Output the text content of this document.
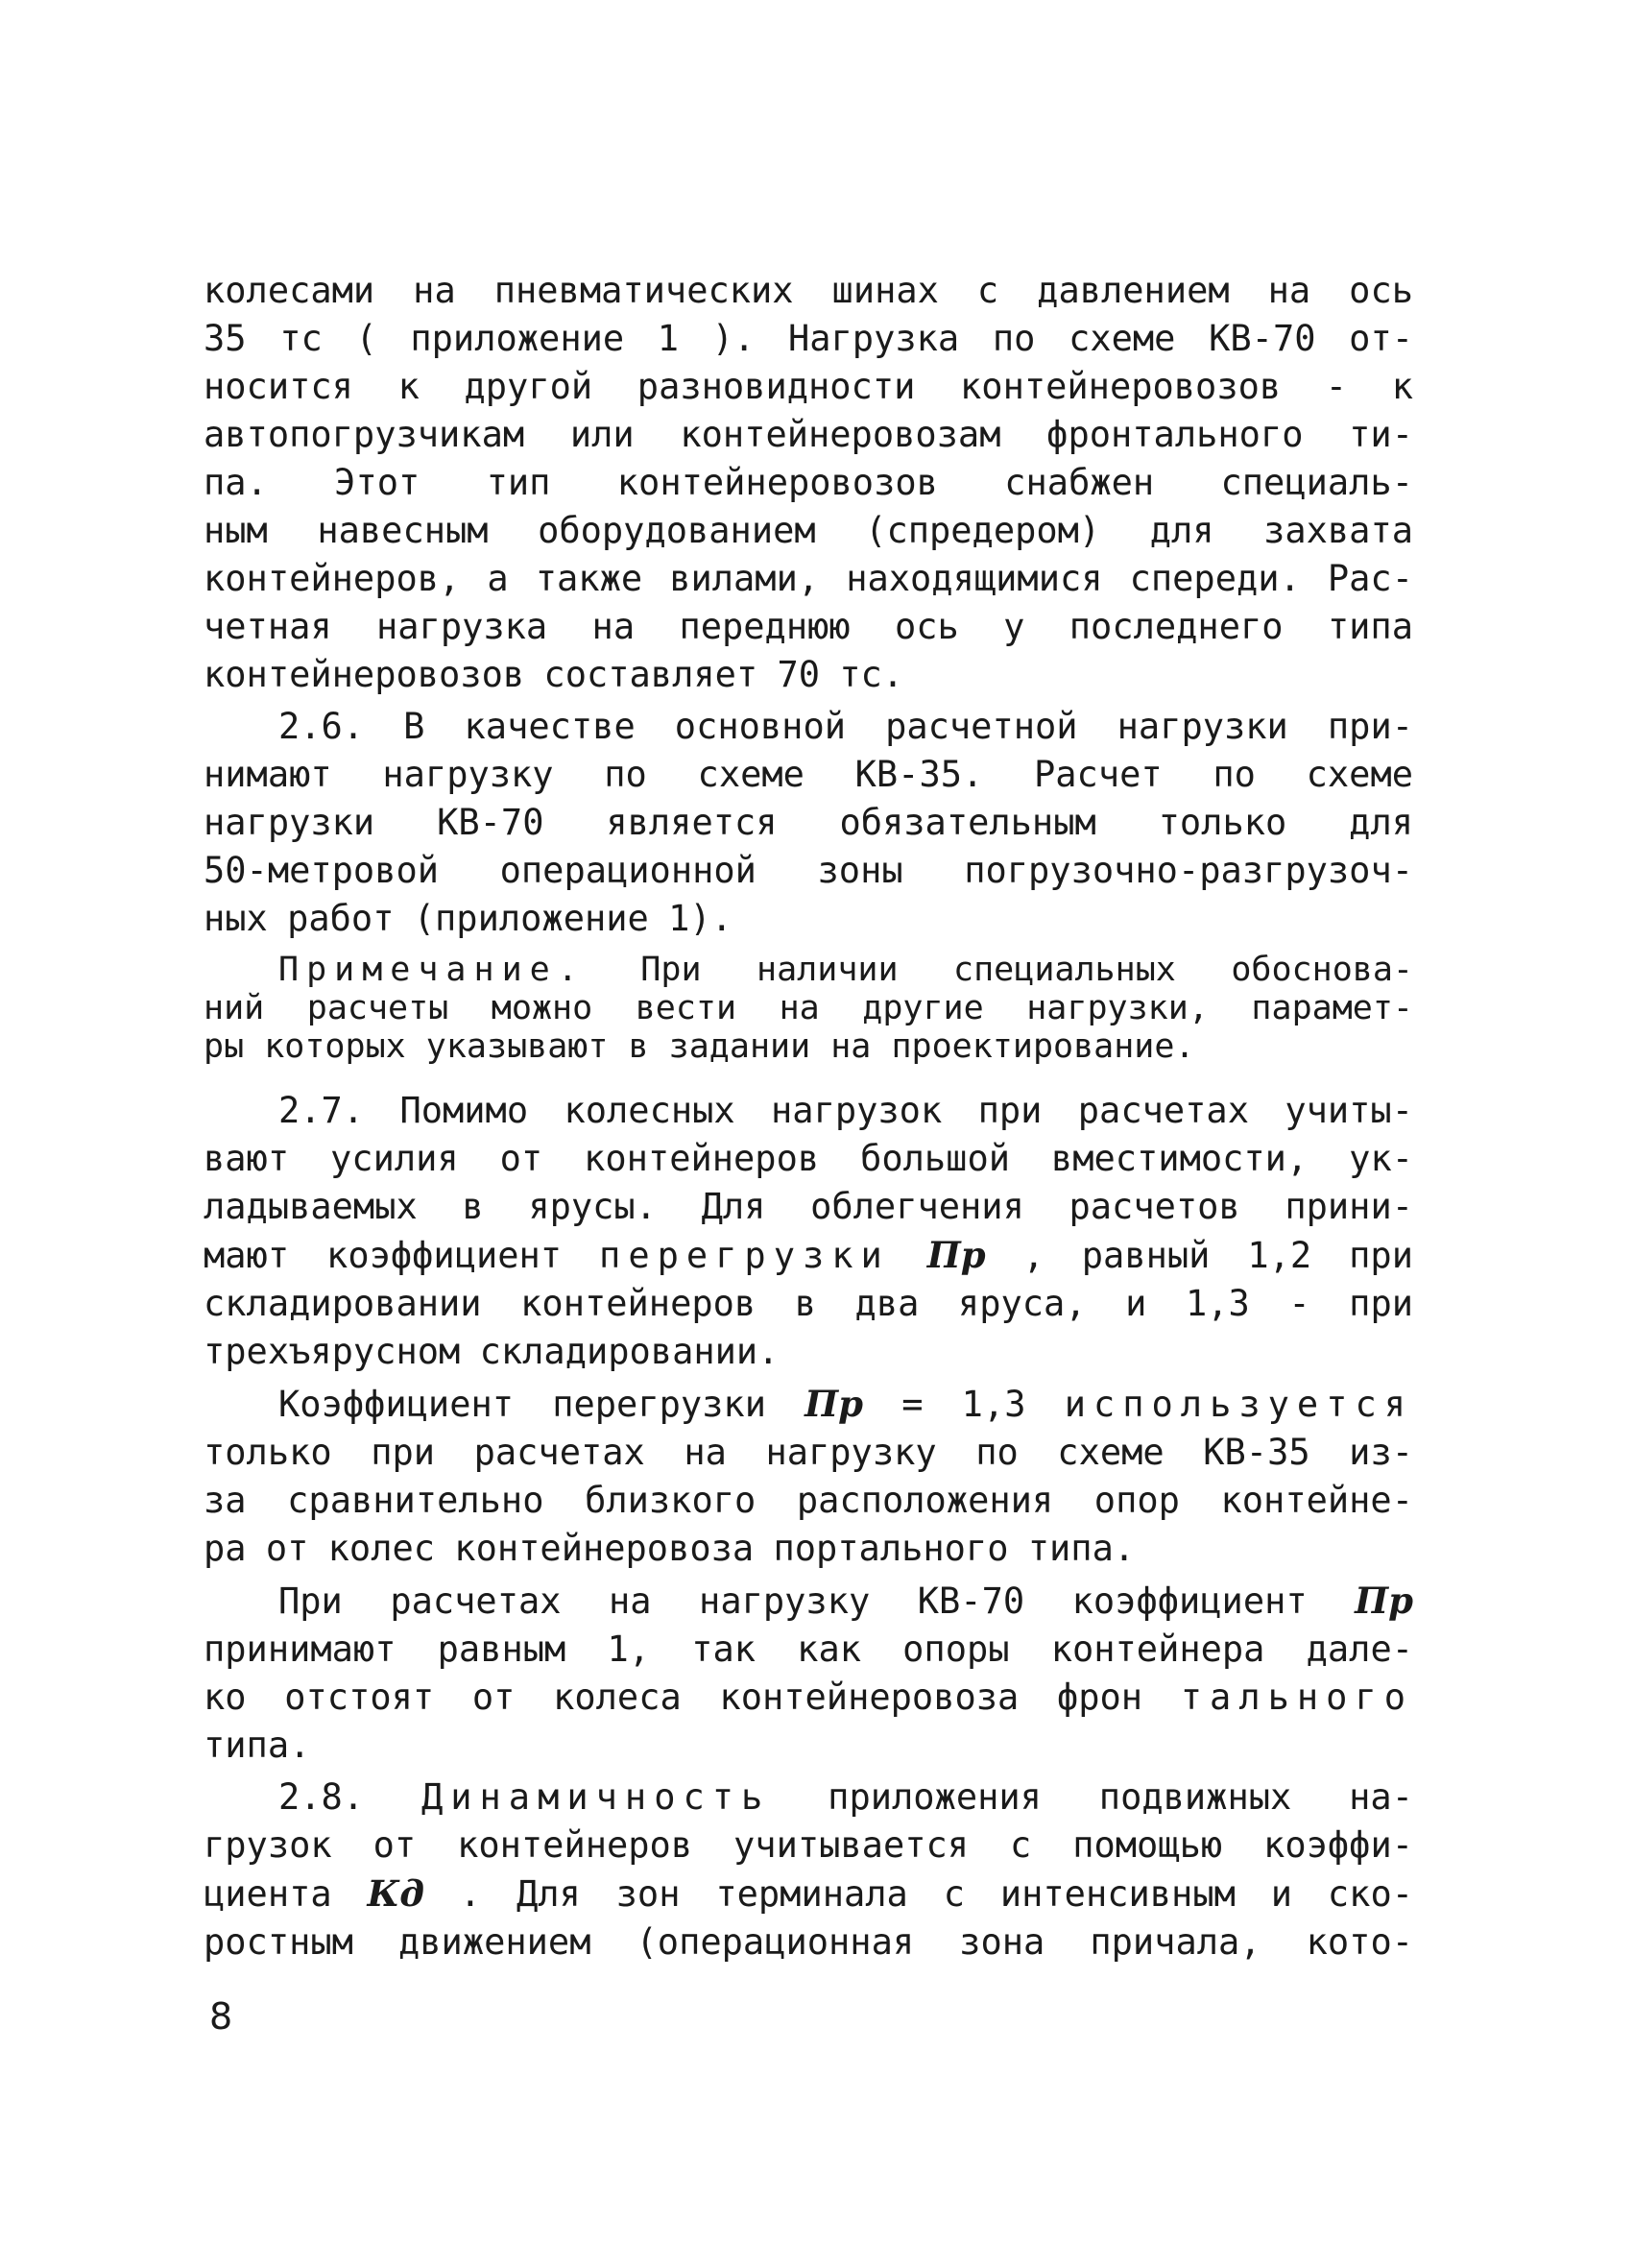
колесами на пневматических шинах с давлением на ось
35 тс ( приложение 1 ). Нагрузка по схеме КВ-70 от-
носится к другой разновидности контейнеровозов - к
автопогрузчикам или контейнеровозам фронтального ти-
па. Этот тип контейнеровозов снабжен специаль-
ным навесным оборудованием (спредером) для захвата
контейнеров, а также вилами, находящимися спереди. Рас-
четная нагрузка на переднюю ось у последнего типа
контейнеровозов составляет 70 тс.
2.6. В качестве основной расчетной нагрузки при-
нимают нагрузку по схеме КВ-35. Расчет по схеме
нагрузки КВ-70 является обязательным только для
50-метровой операционной зоны погрузочно-разгрузоч-
ных работ (приложение 1).
Примечание. При наличии специальных обоснова-
ний расчеты можно вести на другие нагрузки, парамет-
ры которых указывают в задании на проектирование.
2.7. Помимо колесных нагрузок при расчетах учиты-
вают усилия от контейнеров большой вместимости, ук-
ладываемых в ярусы. Для облегчения расчетов прини-
мают коэффициент перегрузки Пр , равный 1,2 при
складировании контейнеров в два яруса, и 1,3 - при
трехъярусном складировании.
Коэффициент перегрузки Пр = 1,3 используется
только при расчетах на нагрузку по схеме КВ-35 из-
за сравнительно близкого расположения опор контейне-
ра от колес контейнеровоза портального типа.
При расчетах на нагрузку КВ-70 коэффициент Пр
принимают равным 1, так как опоры контейнера дале-
ко отстоят от колеса контейнеровоза фрон тального
типа.
2.8. Динамичность приложения подвижных на-
грузок от контейнеров учитывается с помощью коэффи-
циента Кд . Для зон терминала с интенсивным и ско-
ростным движением (операционная зона причала, кото-
8
